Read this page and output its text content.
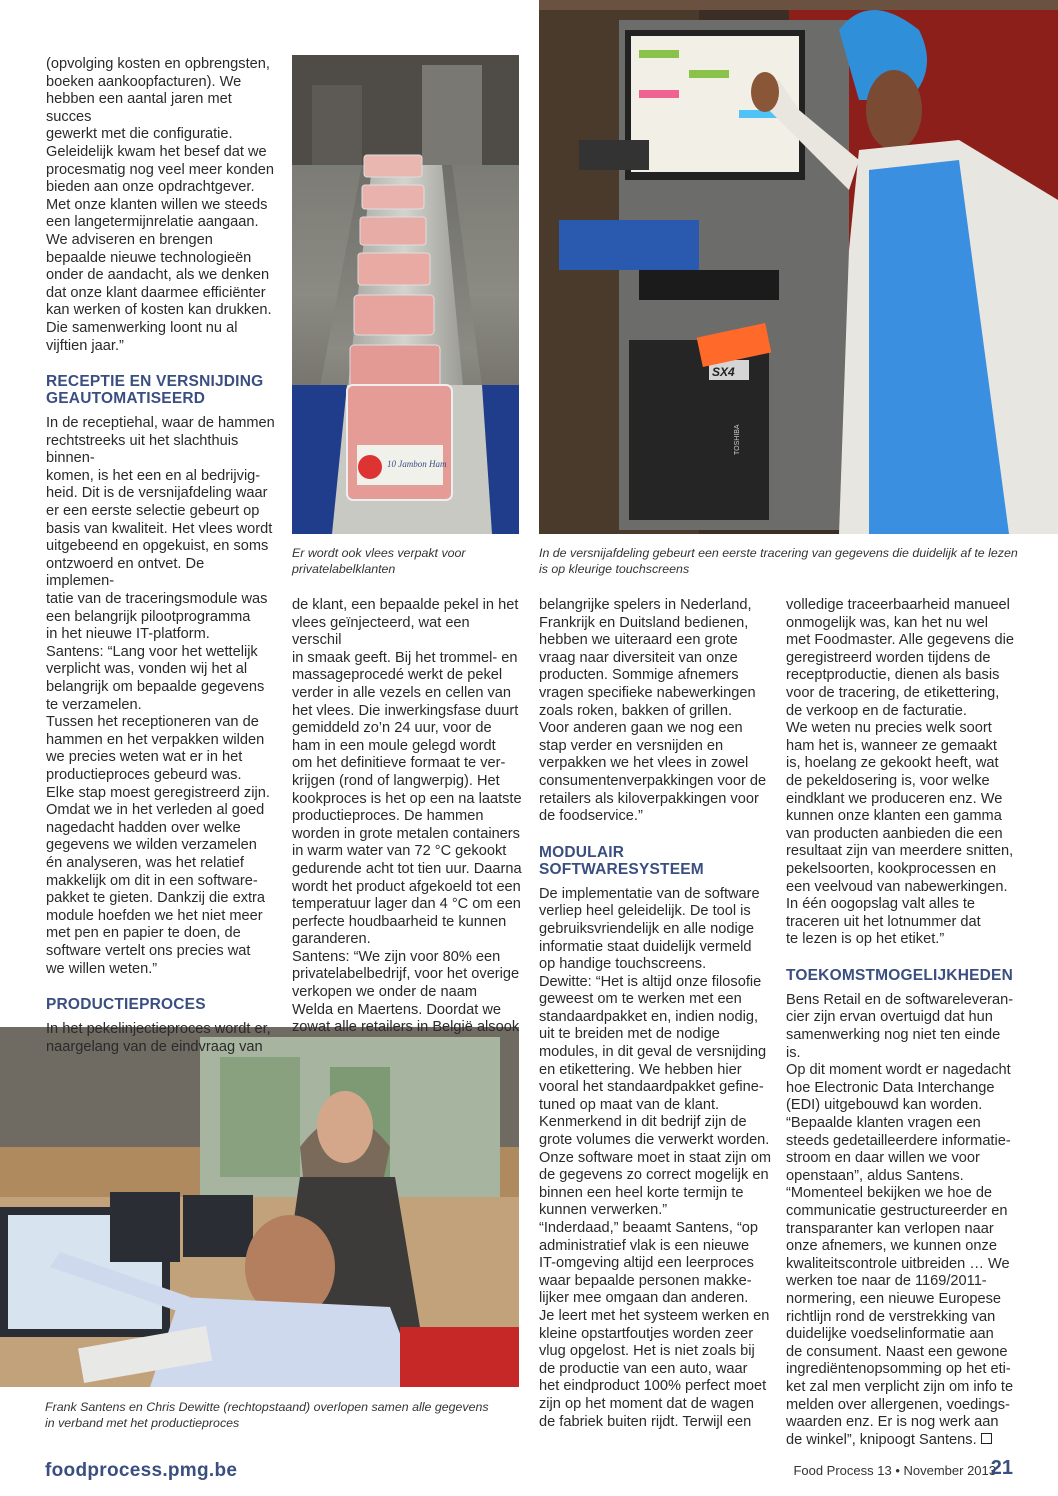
10 Jambon Ham
Er wordt ook vlees verpakt voor
privatelabelklanten
SX4
TOSHIBA
In de versnijafdeling gebeurt een eerste tracering van gegevens die duidelijk af te lezen
is op kleurige touchscreens
Frank Santens en Chris Dewitte (rechtopstaand) overlopen samen alle gegevens
in verband met het productieproces

(opvolging kosten en opbrengsten,
boeken aankoopfacturen). We
hebben een aantal jaren met succes
gewerkt met die configuratie.
Geleidelijk kwam het besef dat we
procesmatig nog veel meer konden
bieden aan onze opdrachtgever.
Met onze klanten willen we steeds
een langetermijnrelatie aangaan.
We adviseren en brengen
bepaalde nieuwe technologieën
onder de aandacht, als we denken
dat onze klant daarmee efficiënter
kan werken of kosten kan drukken.
Die samenwerking loont nu al
vijftien jaar.”

RECEPTIE EN VERSNIJDING
GEAUTOMATISEERD

In de receptiehal, waar de hammen
rechtstreeks uit het slachthuis binnen-
komen, is het een en al bedrijvig-
heid. Dit is de versnijafdeling waar
er een eerste selectie gebeurt op
basis van kwaliteit. Het vlees wordt
uitgebeend en opgekuist, en soms
ontzwoerd en ontvet. De implemen-
tatie van de traceringsmodule was
een belangrijk pilootprogramma
in het nieuwe IT-platform.
Santens: “Lang voor het wettelijk
verplicht was, vonden wij het al
belangrijk om bepaalde gegevens
te verzamelen.
Tussen het receptioneren van de
hammen en het verpakken wilden
we precies weten wat er in het
productieproces gebeurd was.
Elke stap moest geregistreerd zijn.
Omdat we in het verleden al goed
nagedacht hadden over welke
gegevens we wilden verzamelen
én analyseren, was het relatief
makkelijk om dit in een software-
pakket te gieten. Dankzij die extra
module hoefden we het niet meer
met pen en papier te doen, de
software vertelt ons precies wat
we willen weten.”

PRODUCTIEPROCES

In het pekelinjectieproces wordt er,
naargelang van de eindvraag van

de klant, een bepaalde pekel in het
vlees geïnjecteerd, wat een verschil
in smaak geeft. Bij het trommel- en
massageprocedé werkt de pekel
verder in alle vezels en cellen van
het vlees. Die inwerkingsfase duurt
gemiddeld zo’n 24 uur, voor de
ham in een moule gelegd wordt
om het definitieve formaat te ver-
krijgen (rond of langwerpig). Het
kookproces is het op een na laatste
productieproces. De hammen
worden in grote metalen containers
in warm water van 72 °C gekookt
gedurende acht tot tien uur. Daarna
wordt het product afgekoeld tot een
temperatuur lager dan 4 °C om een
perfecte houdbaarheid te kunnen
garanderen.
Santens: “We zijn voor 80% een
privatelabelbedrijf, voor het overige
verkopen we onder de naam
Welda en Maertens. Doordat we
zowat alle retailers in België alsook

belangrijke spelers in Nederland,
Frankrijk en Duitsland bedienen,
hebben we uiteraard een grote
vraag naar diversiteit van onze
producten. Sommige afnemers
vragen specifieke nabewerkingen
zoals roken, bakken of grillen.
Voor anderen gaan we nog een
stap verder en versnijden en
verpakken we het vlees in zowel
consumentenverpakkingen voor de
retailers als kiloverpakkingen voor
de foodservice.”

MODULAIR
SOFTWARESYSTEEM

De implementatie van de software
verliep heel geleidelijk. De tool is
gebruiksvriendelijk en alle nodige
informatie staat duidelijk vermeld
op handige touchscreens.
Dewitte: “Het is altijd onze filosofie
geweest om te werken met een
standaardpakket en, indien nodig,
uit te breiden met de nodige
modules, in dit geval de versnijding
en etikettering. We hebben hier
vooral het standaardpakket gefine-
tuned op maat van de klant.
Kenmerkend in dit bedrijf zijn de
grote volumes die verwerkt worden.
Onze software moet in staat zijn om
de gegevens zo correct mogelijk en
binnen een heel korte termijn te
kunnen verwerken.”
“Inderdaad,” beaamt Santens, “op
administratief vlak is een nieuwe
IT-omgeving altijd een leerproces
waar bepaalde personen makke-
lijker mee omgaan dan anderen.
Je leert met het systeem werken en
kleine opstartfoutjes worden zeer
vlug opgelost. Het is niet zoals bij
de productie van een auto, waar
het eindproduct 100% perfect moet
zijn op het moment dat de wagen
de fabriek buiten rijdt. Terwijl een

volledige traceerbaarheid manueel
onmogelijk was, kan het nu wel
met Foodmaster. Alle gegevens die
geregistreerd worden tijdens de
receptproductie, dienen als basis
voor de tracering, de etikettering,
de verkoop en de facturatie.
We weten nu precies welk soort
ham het is, wanneer ze gemaakt
is, hoelang ze gekookt heeft, wat
de pekeldosering is, voor welke
eindklant we produceren enz. We
kunnen onze klanten een gamma
van producten aanbieden die een
resultaat zijn van meerdere snitten,
pekelsoorten, kookprocessen en
een veelvoud van nabewerkingen.
In één oogopslag valt alles te
traceren uit het lotnummer dat
te lezen is op het etiket.”

TOEKOMSTMOGELIJKHEDEN

Bens Retail en de softwareleveran-
cier zijn ervan overtuigd dat hun
samenwerking nog niet ten einde is.
Op dit moment wordt er nagedacht
hoe Electronic Data Interchange
(EDI) uitgebouwd kan worden.
“Bepaalde klanten vragen een
steeds gedetailleerdere informatie-
stroom en daar willen we voor
openstaan”, aldus Santens.
“Momenteel bekijken we hoe de
communicatie gestructureerder en
transparanter kan verlopen naar
onze afnemers, we kunnen onze
kwaliteitscontrole uitbreiden … We
werken toe naar de 1169/2011-
normering, een nieuwe Europese
richtlijn rond de verstrekking van
duidelijke voedselinformatie aan
de consument. Naast een gewone
ingrediëntenopsomming op het eti-
ket zal men verplicht zijn om info te
melden over allergenen, voedings-
waarden enz. Er is nog werk aan
de winkel”, knipoogt Santens.

foodprocess.pmg.be	Food Process 13 • November 2013
21
